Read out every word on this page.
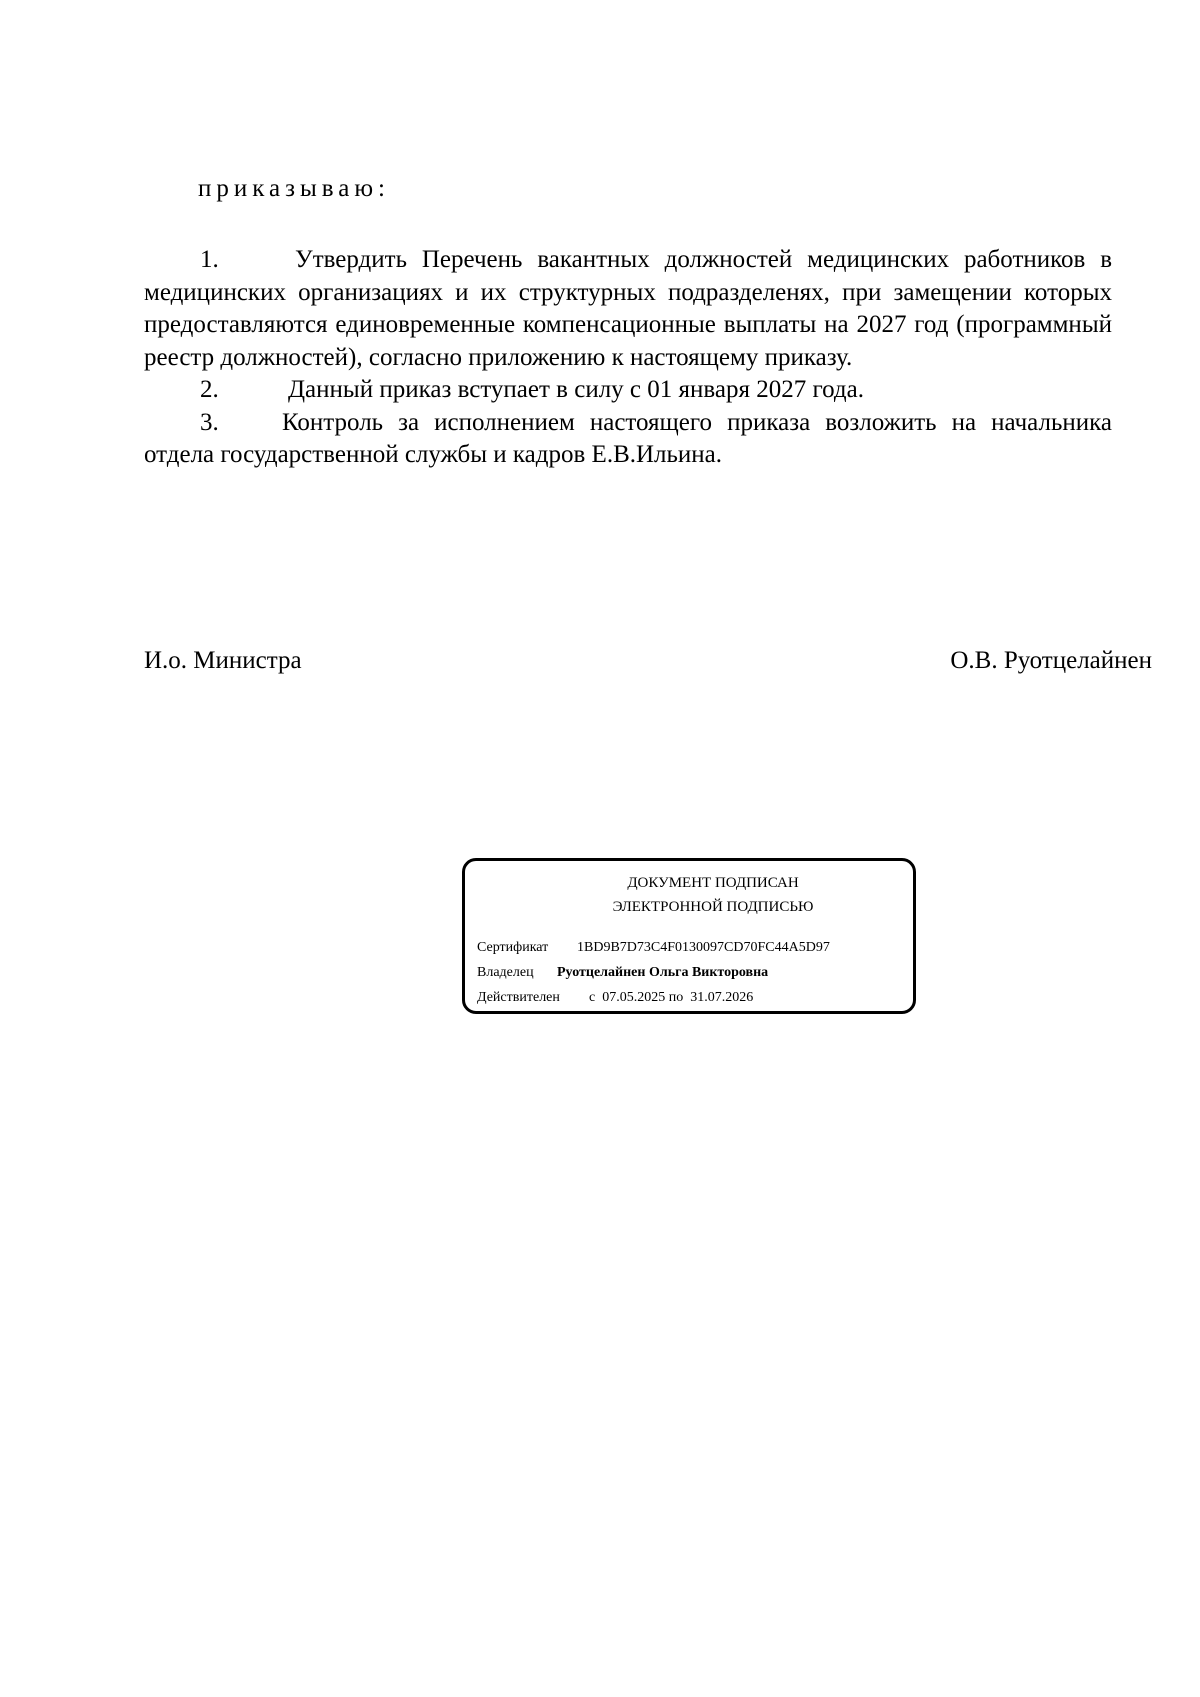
приказываю:
1.	Утвердить Перечень вакантных должностей медицинских работников в медицинских организациях и их структурных подразделенях, при замещении которых предоставляются единовременные компенсационные выплаты на 2027 год (программный реестр должностей), согласно приложению к настоящему приказу.
2.	Данный приказ вступает в силу с 01 января 2027 года.
3.	Контроль за исполнением настоящего приказа возложить на начальника отдела государственной службы и кадров Е.В.Ильина.
И.о. Министра	О.В. Руотцелайнен
ДОКУМЕНТ ПОДПИСАН
ЭЛЕКТРОННОЙ ПОДПИСЬЮ
Сертификат 1BD9B7D73C4F0130097CD70FC44A5D97
Владелец Руотцелайнен Ольга Викторовна
Действителен с  07.05.2025 по  31.07.2026
